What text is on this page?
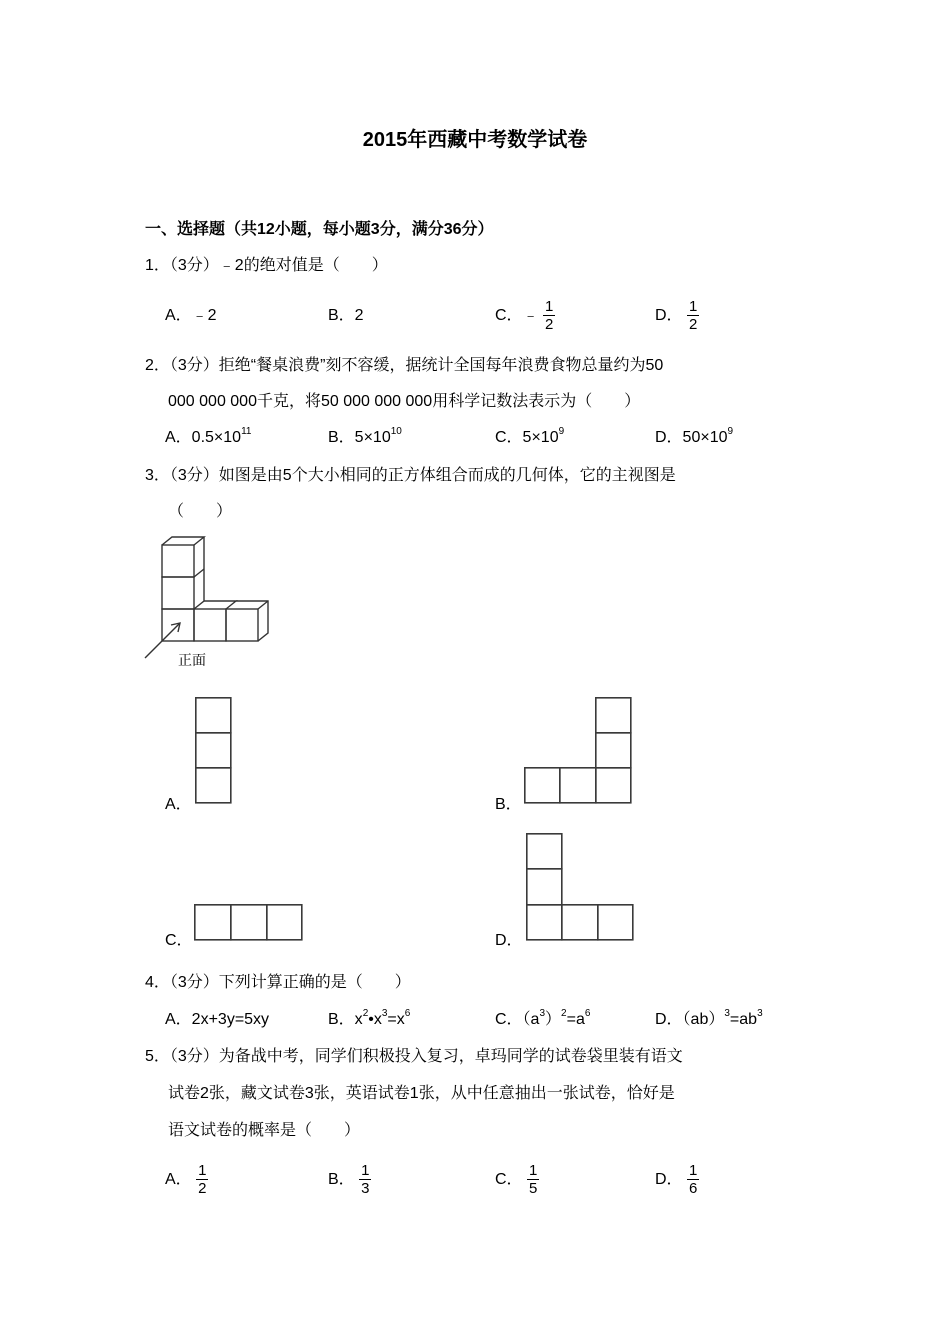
2015年西藏中考数学试卷
一、选择题（共12小题，每小题3分，满分36分）
1．（3分）﹣2的绝对值是（　　）
A．﹣2	B．2	C．﹣ $\frac{1}{2}$	D． $\frac{1}{2}$
2．（3分）拒绝“餐桌浪费”刻不容缓，据统计全国每年浪费食物总量约为50
000 000 000千克，将50 000 000 000用科学记数法表示为（　　）
A．$0.5\times 10^{11}$	B．$5\times 10^{10}$	C．$5\times 10^9$	D．$50\times 10^9$
3．（3分）如图是由5个大小相同的正方体组合而成的几何体，它的主视图是
（　　）
正面
A．	B．
C．	D．
4．（3分）下列计算正确的是（　　）
A．2x+3y=5xy	B．$x^2•x^3=x^6$	C．$(a^3)^2=a^6$	D．$(ab)^3=ab^3$
5．（3分）为备战中考，同学们积极投入复习，卓玛同学的试卷袋里装有语文
试卷2张，藏文试卷3张，英语试卷1张，从中任意抽出一张试卷，恰好是
语文试卷的概率是（　　）
A． $\frac{1}{2}$	B． $\frac{1}{3}$	C． $\frac{1}{5}$	D． $\frac{1}{6}$
